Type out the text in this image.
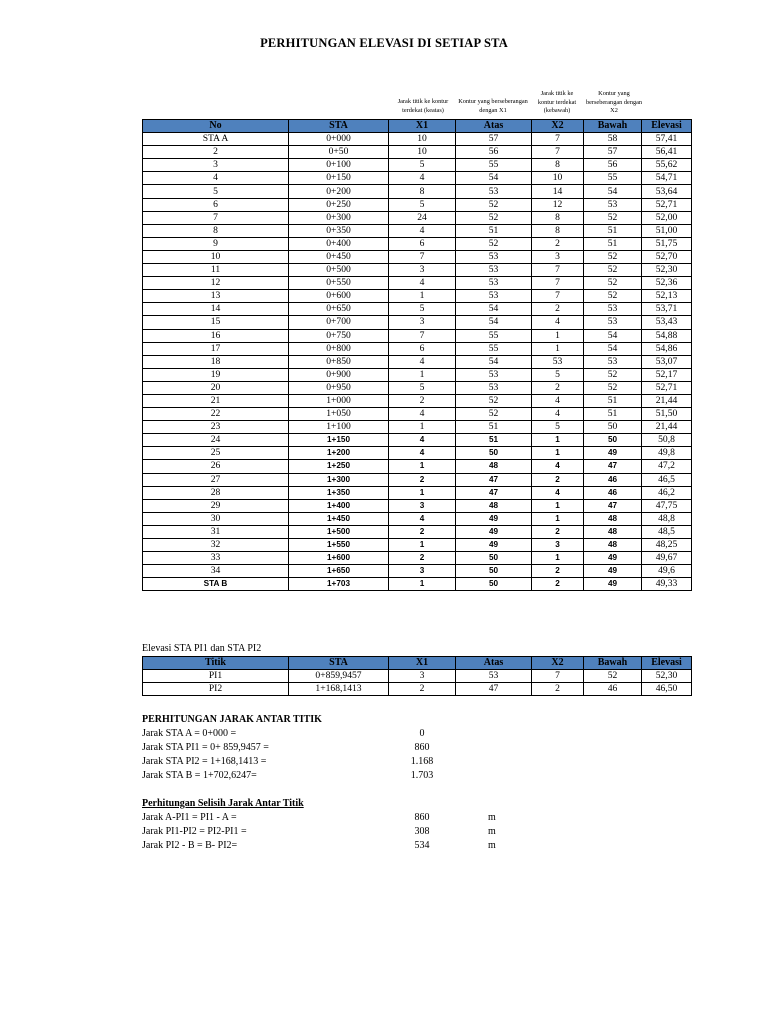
PERHITUNGAN ELEVASI DI SETIAP STA
Jarak titik ke kontur
terdekat (keatas)
Kontur yang berseberangan
dengan X1
Jarak titik ke
kontur terdekat
(kebawah)
Kontur yang
berseberangan dengan
X2
No	STA	X1	Atas	X2	Bawah	Elevasi
STA A	0+000	10	57	7	58	57,41
2	0+50	10	56	7	57	56,41
3	0+100	5	55	8	56	55,62
4	0+150	4	54	10	55	54,71
5	0+200	8	53	14	54	53,64
6	0+250	5	52	12	53	52,71
7	0+300	24	52	8	52	52,00
8	0+350	4	51	8	51	51,00
9	0+400	6	52	2	51	51,75
10	0+450	7	53	3	52	52,70
11	0+500	3	53	7	52	52,30
12	0+550	4	53	7	52	52,36
13	0+600	1	53	7	52	52,13
14	0+650	5	54	2	53	53,71
15	0+700	3	54	4	53	53,43
16	0+750	7	55	1	54	54,88
17	0+800	6	55	1	54	54,86
18	0+850	4	54	53	53	53,07
19	0+900	1	53	5	52	52,17
20	0+950	5	53	2	52	52,71
21	1+000	2	52	4	51	21,44
22	1+050	4	52	4	51	51,50
23	1+100	1	51	5	50	21,44
24	1+150	4	51	1	50	50,8
25	1+200	4	50	1	49	49,8
26	1+250	1	48	4	47	47,2
27	1+300	2	47	2	46	46,5
28	1+350	1	47	4	46	46,2
29	1+400	3	48	1	47	47,75
30	1+450	4	49	1	48	48,8
31	1+500	2	49	2	48	48,5
32	1+550	1	49	3	48	48,25
33	1+600	2	50	1	49	49,67
34	1+650	3	50	2	49	49,6
STA B	1+703	1	50	2	49	49,33
Elevasi STA PI1 dan STA PI2
Titik	STA	X1	Atas	X2	Bawah	Elevasi
PI1	0+859,9457	3	53	7	52	52,30
PI2	1+168,1413	2	47	2	46	46,50
PERHITUNGAN JARAK ANTAR TITIK
Jarak STA A = 0+000 =	0
Jarak STA PI1 = 0+ 859,9457 =	860
Jarak STA PI2 = 1+168,1413 =	1.168
Jarak STA B = 1+702,6247=	1.703
Perhitungan Selisih Jarak Antar Titik
Jarak A-PI1 = PI1 - A =	860	m
Jarak PI1-PI2 = PI2-PI1 =	308	m
Jarak PI2 - B = B- PI2=	534	m
